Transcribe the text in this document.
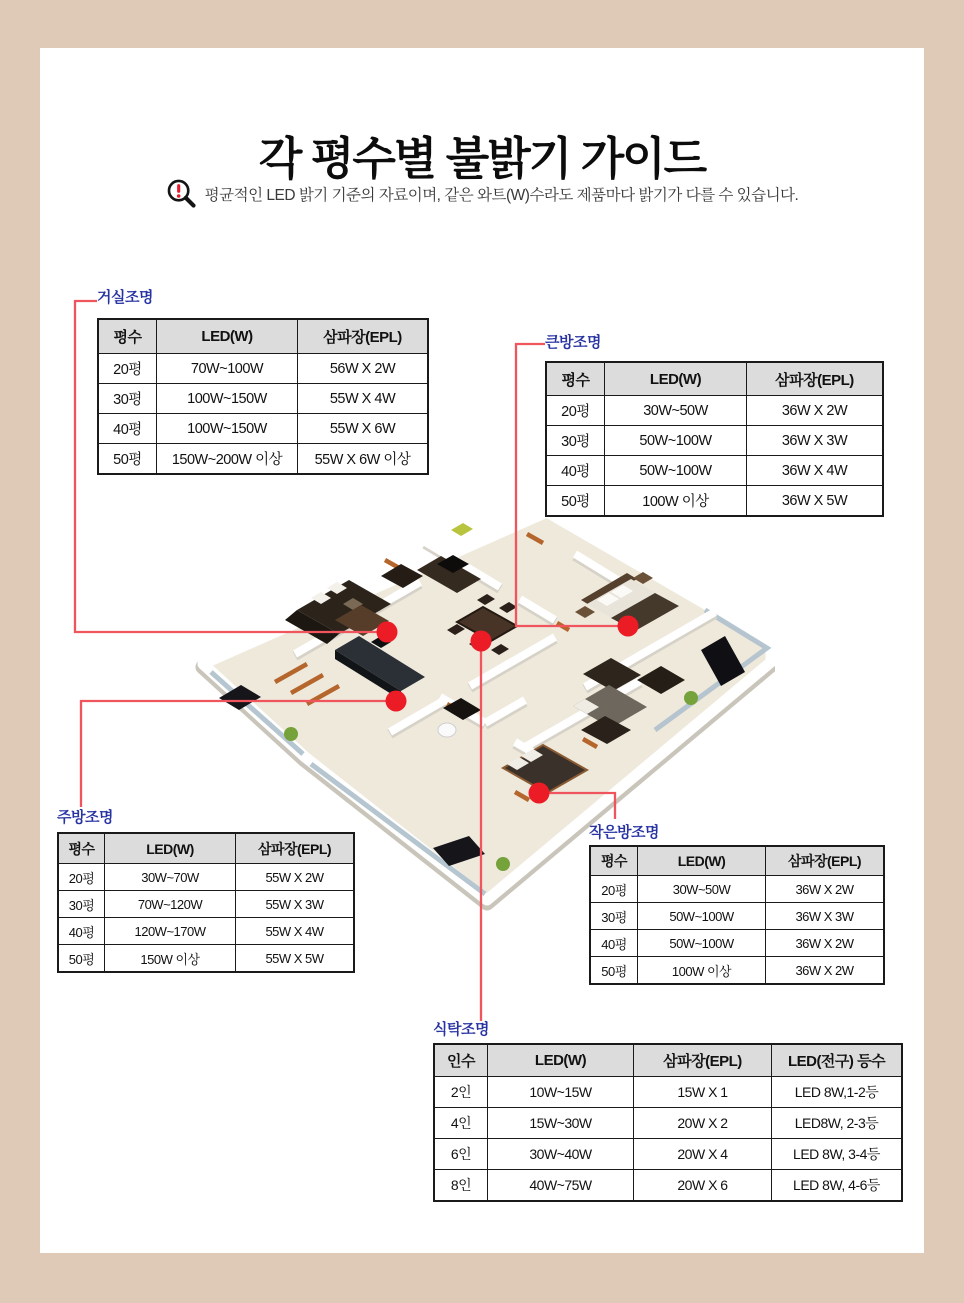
각 평수별 불밝기 가이드
평균적인 LED 밝기 기준의 자료이며, 같은 와트(W)수라도 제품마다 밝기가 다를 수 있습니다.
거실조명
평수	LED(W)	삼파장(EPL)
20평	70W~100W	56W X 2W
30평	100W~150W	55W X 4W
40평	100W~150W	55W X 6W
50평	150W~200W 이상	55W X 6W 이상
큰방조명
평수	LED(W)	삼파장(EPL)
20평	30W~50W	36W X 2W
30평	50W~100W	36W X 3W
40평	50W~100W	36W X 4W
50평	100W 이상	36W X 5W
주방조명
평수	LED(W)	삼파장(EPL)
20평	30W~70W	55W X 2W
30평	70W~120W	55W X 3W
40평	120W~170W	55W X 4W
50평	150W 이상	55W X 5W
작은방조명
평수	LED(W)	삼파장(EPL)
20평	30W~50W	36W X 2W
30평	50W~100W	36W X 3W
40평	50W~100W	36W X 2W
50평	100W 이상	36W X 2W
식탁조명
인수	LED(W)	삼파장(EPL)	LED(전구) 등수
2인	10W~15W	15W X 1	LED 8W,1-2등
4인	15W~30W	20W X 2	LED8W, 2-3등
6인	30W~40W	20W X 4	LED 8W, 3-4등
8인	40W~75W	20W X 6	LED 8W, 4-6등
